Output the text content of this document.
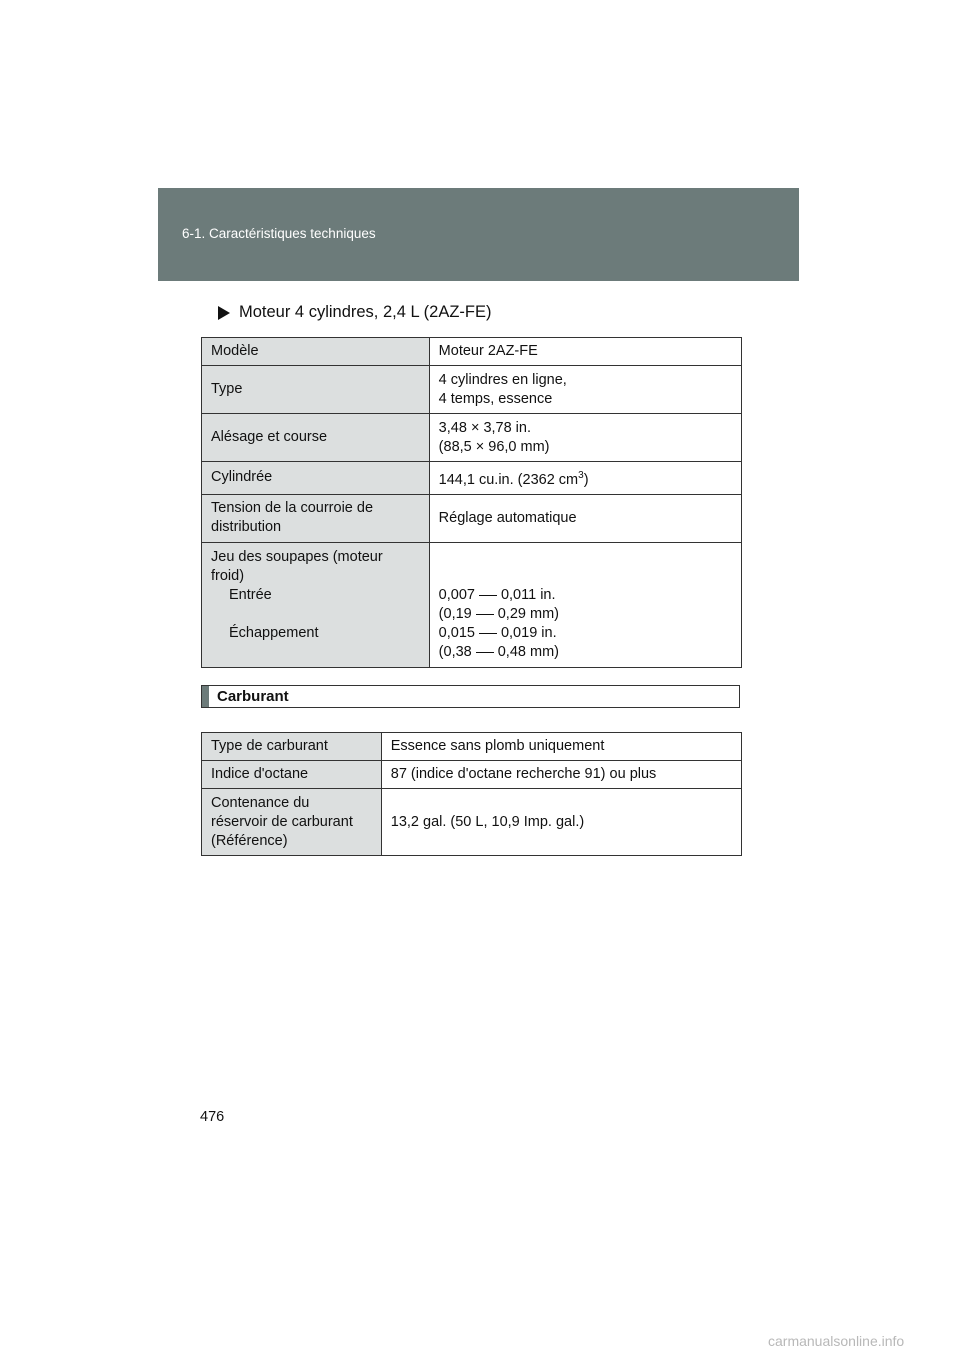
6-1. Caractéristiques techniques
Moteur 4 cylindres, 2,4 L (2AZ-FE)
Modèle	Moteur 2AZ-FE
Type	4 cylindres en ligne,
4 temps, essence
Alésage et course	3,48 × 3,78 in.
(88,5 × 96,0 mm)
Cylindrée	144,1 cu.in. (2362 $cm^3$)
Tension de la courroie de
distribution	Réglage automatique
Jeu des soupapes (moteur
froid)

Entrée

Échappement	0,007 0,011 in.
(0,19 0,29 mm)
0,015 0,019 in.
(0,38 0,48 mm)
Carburant
Type de carburant	Essence sans plomb uniquement
Indice d'octane	87 (indice d'octane recherche 91) ou plus
Contenance du
réservoir de carburant
(Référence)	13,2 gal. (50 L, 10,9 Imp. gal.)
476
carmanualsonline.info
